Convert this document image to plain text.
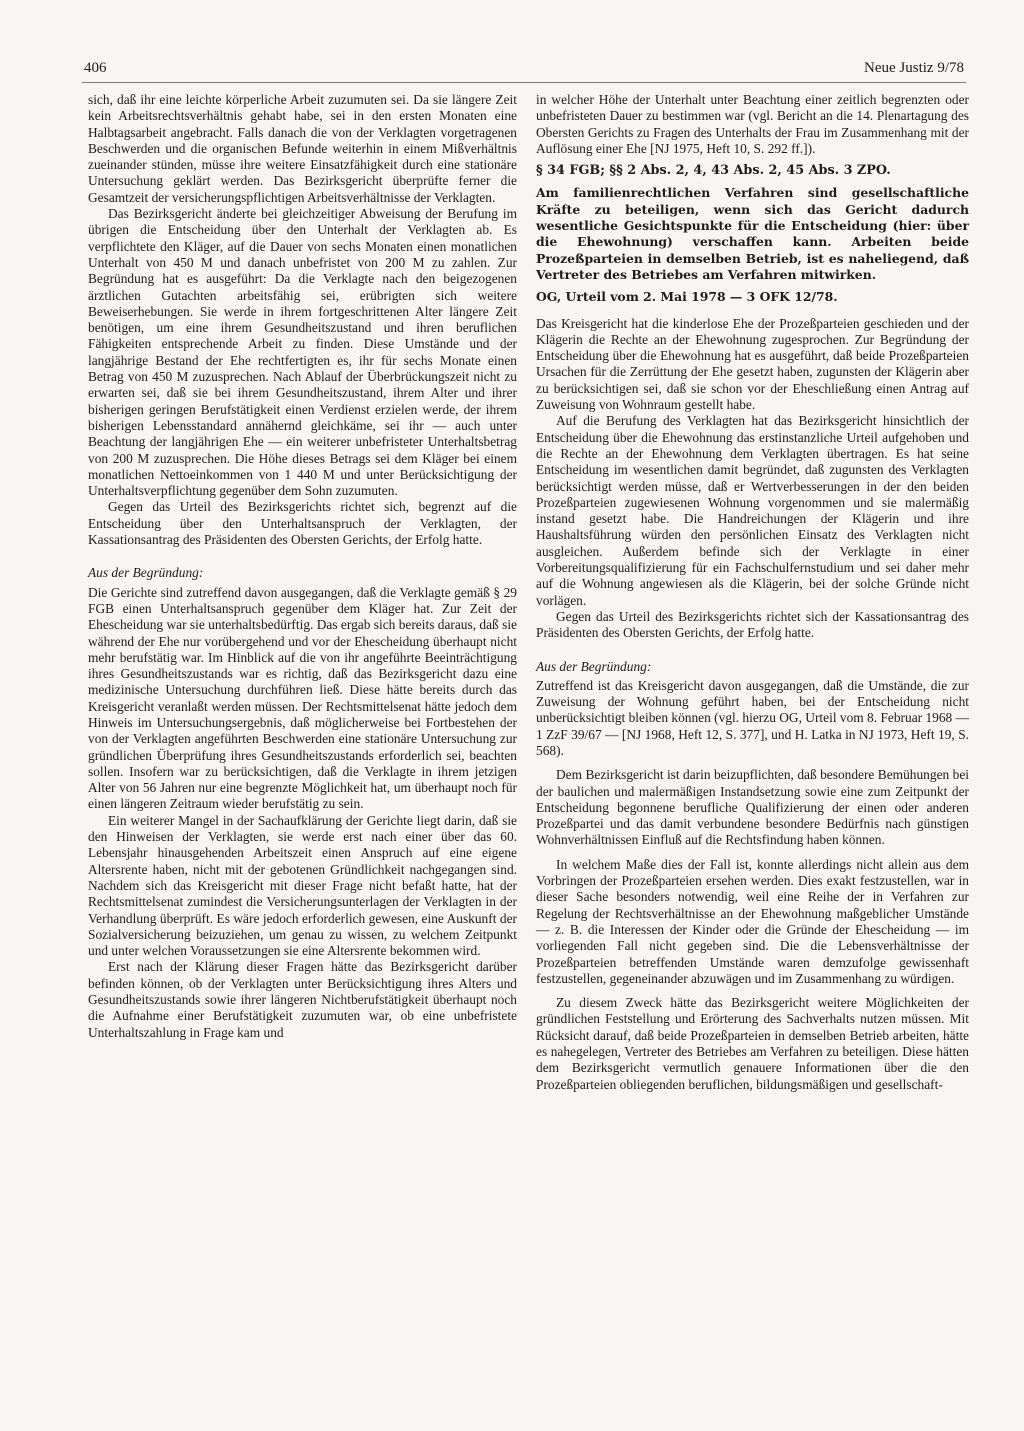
406	Neue Justiz 9/78

sich, daß ihr eine leichte körperliche Arbeit zuzumuten sei. Da sie längere Zeit kein Arbeitsrechtsverhältnis gehabt habe, sei in den ersten Monaten eine Halbtagsarbeit angebracht. Falls danach die von der Verklagten vorgetragenen Beschwerden und die organischen Befunde weiterhin in einem Mißverhältnis zueinander stünden, müsse ihre weitere Einsatzfähigkeit durch eine stationäre Untersuchung geklärt werden. Das Bezirksgericht überprüfte ferner die Gesamtzeit der versicherungspflichtigen Arbeitsverhältnisse der Verklagten.

Das Bezirksgericht änderte bei gleichzeitiger Abweisung der Berufung im übrigen die Entscheidung über den Unterhalt der Verklagten ab. Es verpflichtete den Kläger, auf die Dauer von sechs Monaten einen monatlichen Unterhalt von 450 M und danach unbefristet von 200 M zu zahlen. Zur Begründung hat es ausgeführt: Da die Verklagte nach den beigezogenen ärztlichen Gutachten arbeitsfähig sei, erübrigten sich weitere Beweiserhebungen. Sie werde in ihrem fortgeschrittenen Alter längere Zeit benötigen, um eine ihrem Gesundheitszustand und ihren beruflichen Fähigkeiten entsprechende Arbeit zu finden. Diese Umstände und der langjährige Bestand der Ehe rechtfertigten es, ihr für sechs Monate einen Betrag von 450 M zuzusprechen. Nach Ablauf der Überbrückungszeit nicht zu erwarten sei, daß sie bei ihrem Gesundheitszustand, ihrem Alter und ihrer bisherigen geringen Berufstätigkeit einen Verdienst erzielen werde, der ihrem bisherigen Lebensstandard annähernd gleichkäme, sei ihr — auch unter Beachtung der langjährigen Ehe — ein weiterer unbefristeter Unterhaltsbetrag von 200 M zuzusprechen. Die Höhe dieses Betrags sei dem Kläger bei einem monatlichen Nettoeinkommen von 1 440 M und unter Berücksichtigung der Unterhaltsverpflichtung gegenüber dem Sohn zuzumuten.

Gegen das Urteil des Bezirksgerichts richtet sich, begrenzt auf die Entscheidung über den Unterhaltsanspruch der Verklagten, der Kassationsantrag des Präsidenten des Obersten Gerichts, der Erfolg hatte.

Aus der Begründung:

Die Gerichte sind zutreffend davon ausgegangen, daß die Verklagte gemäß § 29 FGB einen Unterhaltsanspruch gegenüber dem Kläger hat. Zur Zeit der Ehescheidung war sie unterhaltsbedürftig. Das ergab sich bereits daraus, daß sie während der Ehe nur vorübergehend und vor der Ehescheidung überhaupt nicht mehr berufstätig war. Im Hinblick auf die von ihr angeführte Beeinträchtigung ihres Gesundheitszustands war es richtig, daß das Bezirksgericht dazu eine medizinische Untersuchung durchführen ließ. Diese hätte bereits durch das Kreisgericht veranlaßt werden müssen. Der Rechtsmittelsenat hätte jedoch dem Hinweis im Untersuchungsergebnis, daß möglicherweise bei Fortbestehen der von der Verklagten angeführten Beschwerden eine stationäre Untersuchung zur gründlichen Überprüfung ihres Gesundheitszustands erforderlich sei, beachten sollen. Insofern war zu berücksichtigen, daß die Verklagte in ihrem jetzigen Alter von 56 Jahren nur eine begrenzte Möglichkeit hat, um überhaupt noch für einen längeren Zeitraum wieder berufstätig zu sein.

Ein weiterer Mangel in der Sachaufklärung der Gerichte liegt darin, daß sie den Hinweisen der Verklagten, sie werde erst nach einer über das 60. Lebensjahr hinausgehenden Arbeitszeit einen Anspruch auf eine eigene Altersrente haben, nicht mit der gebotenen Gründlichkeit nachgegangen sind. Nachdem sich das Kreisgericht mit dieser Frage nicht befaßt hatte, hat der Rechtsmittelsenat zumindest die Versicherungsunterlagen der Verklagten in der Verhandlung überprüft. Es wäre jedoch erforderlich gewesen, eine Auskunft der Sozialversicherung beizuziehen, um genau zu wissen, zu welchem Zeitpunkt und unter welchen Voraussetzungen sie eine Altersrente bekommen wird.

Erst nach der Klärung dieser Fragen hätte das Bezirksgericht darüber befinden können, ob der Verklagten unter Berücksichtigung ihres Alters und Gesundheitszustands sowie ihrer längeren Nichtberufstätigkeit überhaupt noch die Aufnahme einer Berufstätigkeit zuzumuten war, ob eine unbefristete Unterhaltszahlung in Frage kam und

in welcher Höhe der Unterhalt unter Beachtung einer zeitlich begrenzten oder unbefristeten Dauer zu bestimmen war (vgl. Bericht an die 14. Plenartagung des Obersten Gerichts zu Fragen des Unterhalts der Frau im Zusammenhang mit der Auflösung einer Ehe [NJ 1975, Heft 10, S. 292 ff.]).

§ 34 FGB; §§ 2 Abs. 2, 4, 43 Abs. 2, 45 Abs. 3 ZPO.

Am familienrechtlichen Verfahren sind gesellschaftliche Kräfte zu beteiligen, wenn sich das Gericht dadurch wesentliche Gesichtspunkte für die Entscheidung (hier: über die Ehewohnung) verschaffen kann. Arbeiten beide Prozeßparteien in demselben Betrieb, ist es naheliegend, daß Vertreter des Betriebes am Verfahren mitwirken.

OG, Urteil vom 2. Mai 1978 — 3 OFK 12/78.

Das Kreisgericht hat die kinderlose Ehe der Prozeßparteien geschieden und der Klägerin die Rechte an der Ehewohnung zugesprochen. Zur Begründung der Entscheidung über die Ehewohnung hat es ausgeführt, daß beide Prozeßparteien Ursachen für die Zerrüttung der Ehe gesetzt haben, zugunsten der Klägerin aber zu berücksichtigen sei, daß sie schon vor der Eheschließung einen Antrag auf Zuweisung von Wohnraum gestellt habe.

Auf die Berufung des Verklagten hat das Bezirksgericht hinsichtlich der Entscheidung über die Ehewohnung das erstinstanzliche Urteil aufgehoben und die Rechte an der Ehewohnung dem Verklagten übertragen. Es hat seine Entscheidung im wesentlichen damit begründet, daß zugunsten des Verklagten berücksichtigt werden müsse, daß er Wertverbesserungen in der den beiden Prozeßparteien zugewiesenen Wohnung vorgenommen und sie malermäßig instand gesetzt habe. Die Handreichungen der Klägerin und ihre Haushaltsführung würden den persönlichen Einsatz des Verklagten nicht ausgleichen. Außerdem befinde sich der Verklagte in einer Vorbereitungsqualifizierung für ein Fachschulfernstudium und sei daher mehr auf die Wohnung angewiesen als die Klägerin, bei der solche Gründe nicht vorlägen.

Gegen das Urteil des Bezirksgerichts richtet sich der Kassationsantrag des Präsidenten des Obersten Gerichts, der Erfolg hatte.

Aus der Begründung:

Zutreffend ist das Kreisgericht davon ausgegangen, daß die Umstände, die zur Zuweisung der Wohnung geführt haben, bei der Entscheidung nicht unberücksichtigt bleiben können (vgl. hierzu OG, Urteil vom 8. Februar 1968 — 1 ZzF 39/67 — [NJ 1968, Heft 12, S. 377], und H. Latka in NJ 1973, Heft 19, S. 568).

Dem Bezirksgericht ist darin beizupflichten, daß besondere Bemühungen bei der baulichen und malermäßigen Instandsetzung sowie eine zum Zeitpunkt der Entscheidung begonnene berufliche Qualifizierung der einen oder anderen Prozeßpartei und das damit verbundene besondere Bedürfnis nach günstigen Wohnverhältnissen Einfluß auf die Rechtsfindung haben können.

In welchem Maße dies der Fall ist, konnte allerdings nicht allein aus dem Vorbringen der Prozeßparteien ersehen werden. Dies exakt festzustellen, war in dieser Sache besonders notwendig, weil eine Reihe der in Verfahren zur Regelung der Rechtsverhältnisse an der Ehewohnung maßgeblicher Umstände — z. B. die Interessen der Kinder oder die Gründe der Ehescheidung — im vorliegenden Fall nicht gegeben sind. Die die Lebensverhältnisse der Prozeßparteien betreffenden Umstände waren demzufolge gewissenhaft festzustellen, gegeneinander abzuwägen und im Zusammenhang zu würdigen.

Zu diesem Zweck hätte das Bezirksgericht weitere Möglichkeiten der gründlichen Feststellung und Erörterung des Sachverhalts nutzen müssen. Mit Rücksicht darauf, daß beide Prozeßparteien in demselben Betrieb arbeiten, hätte es nahegelegen, Vertreter des Betriebes am Verfahren zu beteiligen. Diese hätten dem Bezirksgericht vermutlich genauere Informationen über die den Prozeßparteien obliegenden beruflichen, bildungsmäßigen und gesellschaft-
